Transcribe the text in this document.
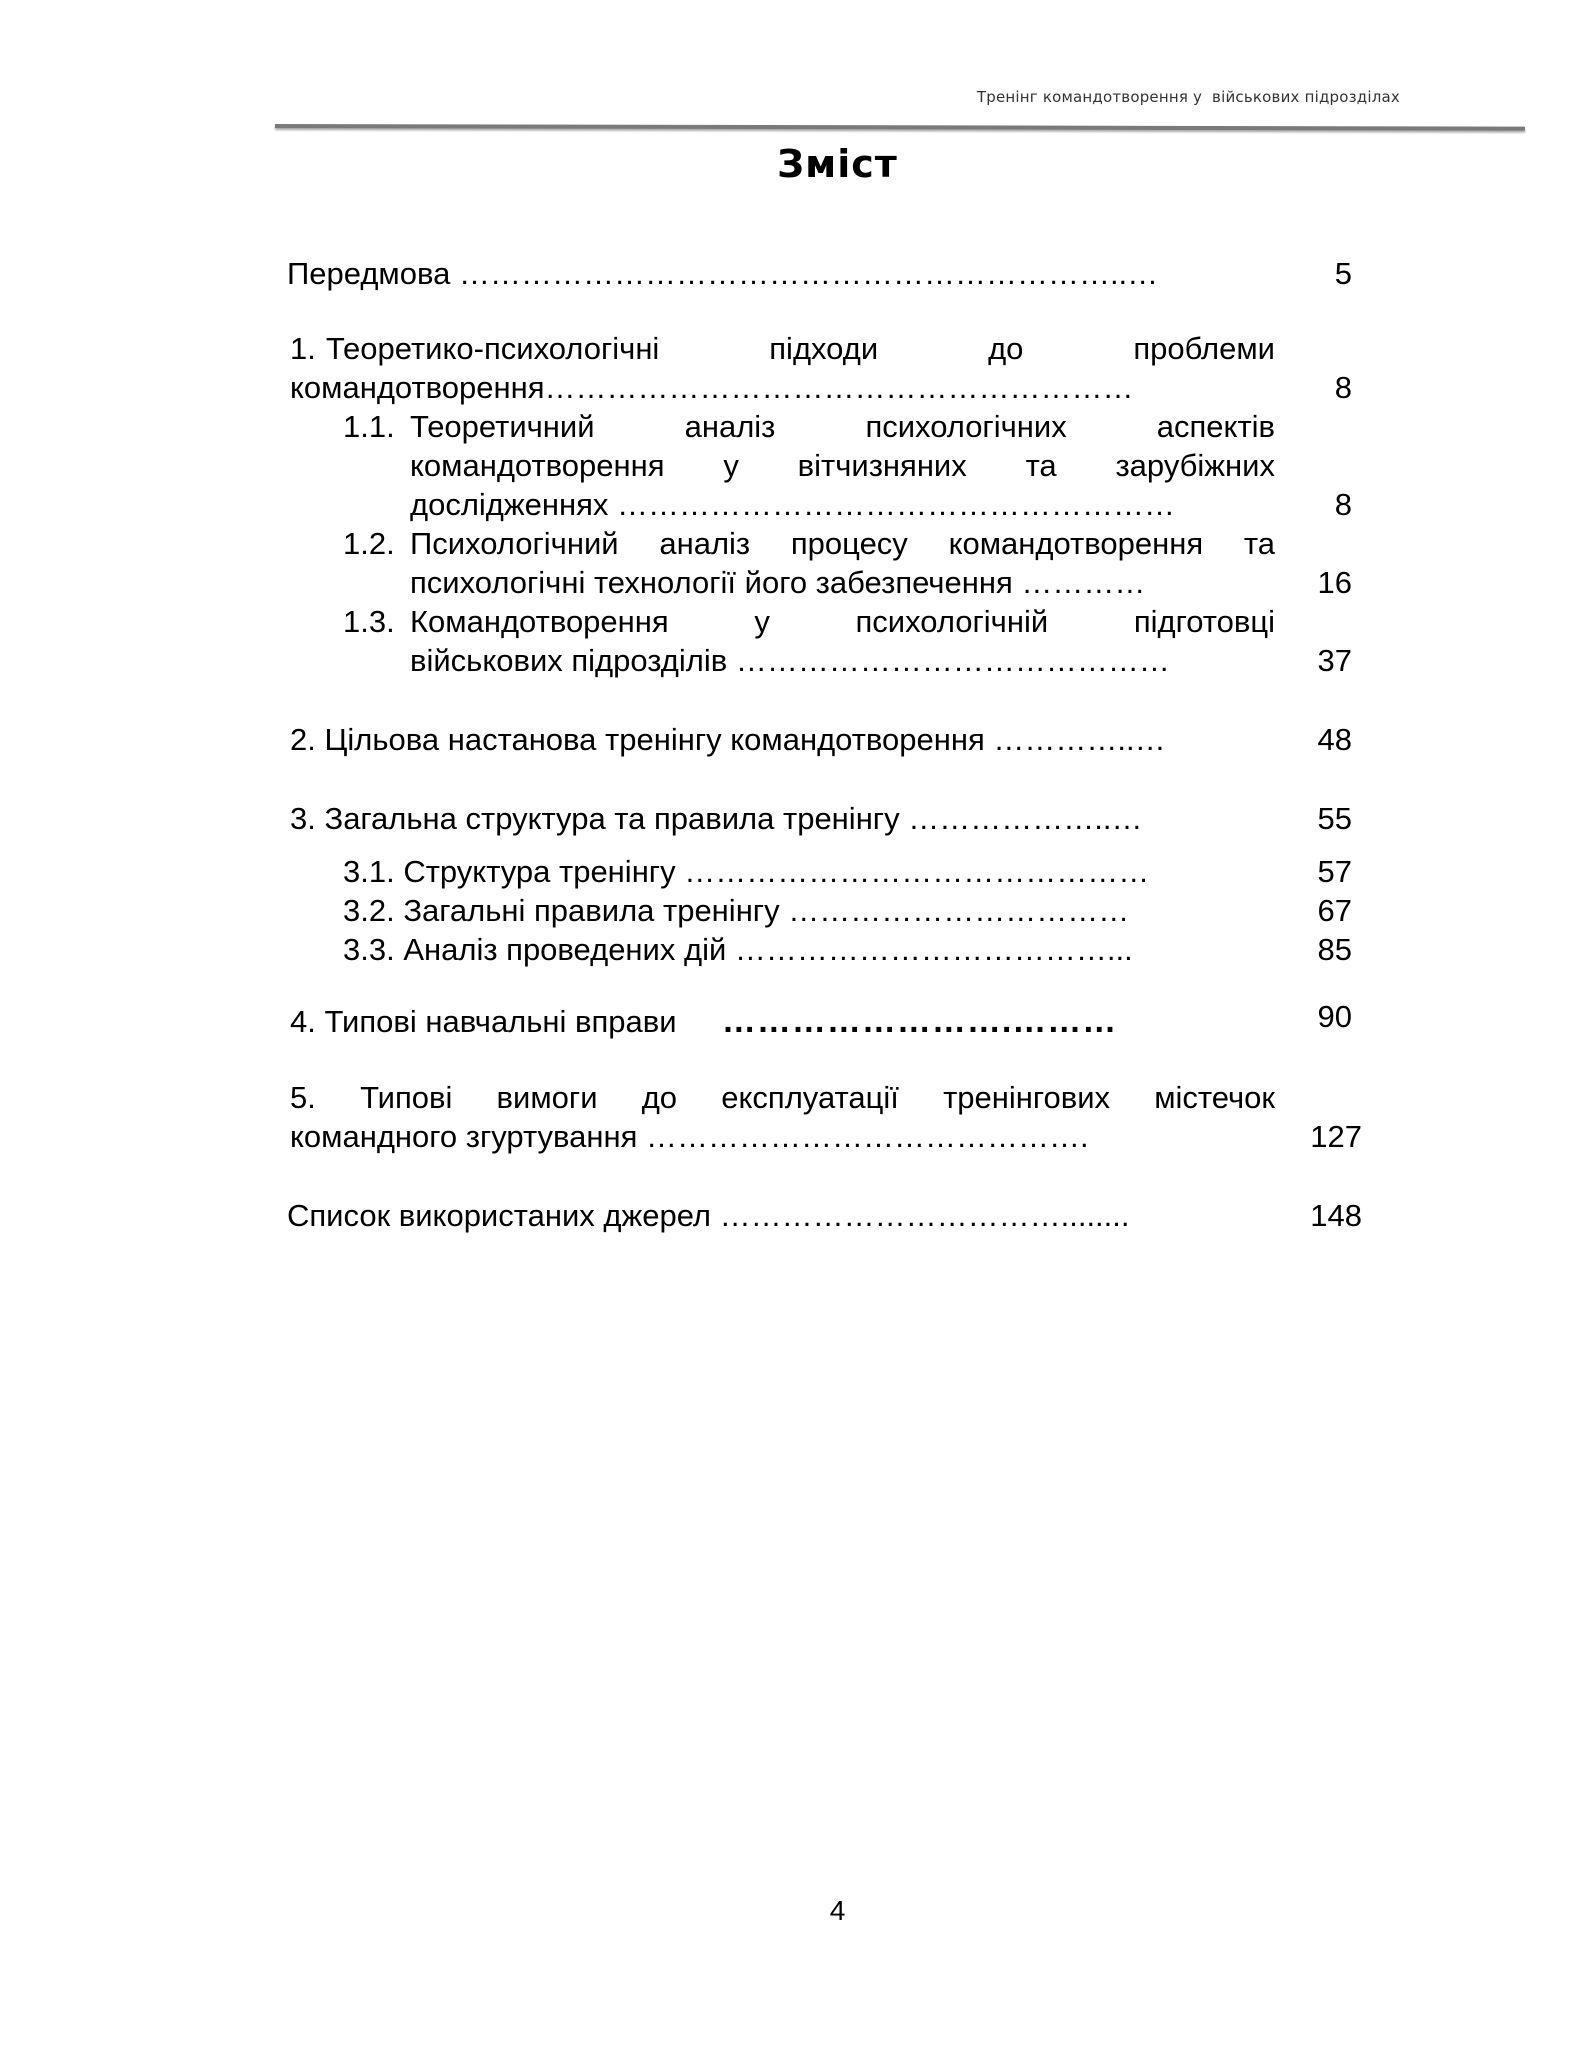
Тренінг командотворення у  військових підрозділах
Зміст
Передмова ………………………………………………………..…	5
1. Теоретико-психологічні	підходи	до	проблеми
командотворення…………………………………………………	8
1.1. Теоретичний	аналіз	психологічних	аспектів
командотворення у вітчизняних та зарубіжних
дослідженнях ………………………………………………	8
1.2. Психологічний аналіз процесу командотворення та
психологічні технології його забезпечення …………	16
1.3. Командотворення	у	психологічній	підготовці
військових підрозділів ……………………………………	37
2. Цільова настанова тренінгу командотворення …………..…	48
3. Загальна структура та правила тренінгу ………………..…	55
3.1. Структура тренінгу ………………………………………	57
3.2. Загальні правила тренінгу ……………………………	67
3.3. Аналіз проведених дій ………………………………...	85
4. Типові навчальні вправи …………………….………	90
5. Типові вимоги до експлуатації тренінгових містечок
командного згуртування …………………………………….	127
Список використаних джерел ……………………………........	148
4
